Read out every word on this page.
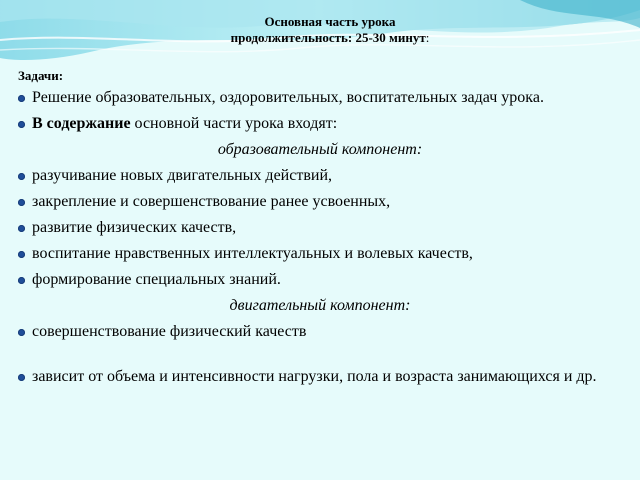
Основная часть урока
продолжительность: 25-30 минут:
Задачи:
Решение образовательных, оздоровительных, воспитательных задач урока.
В содержание основной части урока входят:
образовательный компонент:
разучивание новых двигательных действий,
закрепление и совершенствование ранее усвоенных,
развитие физических качеств,
воспитание нравственных интеллектуальных и волевых качеств,
формирование специальных знаний.
двигательный компонент:
совершенствование физический качеств
зависит от объема и интенсивности нагрузки, пола и возраста занимающихся и др.
